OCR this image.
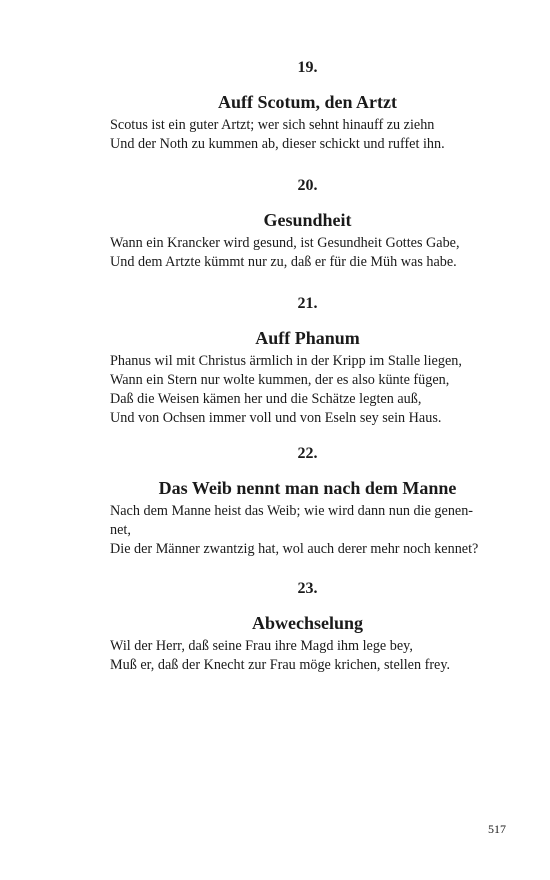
19.
Auff Scotum, den Artzt
Scotus ist ein guter Artzt; wer sich sehnt hinauff zu ziehn
Und der Noth zu kummen ab, dieser schickt und ruffet ihn.
20.
Gesundheit
Wann ein Krancker wird gesund, ist Gesundheit Gottes Gabe,
Und dem Artzte kümmt nur zu, daß er für die Müh was habe.
21.
Auff Phanum
Phanus wil mit Christus ärmlich in der Kripp im Stalle liegen,
Wann ein Stern nur wolte kummen, der es also künte fügen,
Daß die Weisen kämen her und die Schätze legten auß,
Und von Ochsen immer voll und von Eseln sey sein Haus.
22.
Das Weib nennt man nach dem Manne
Nach dem Manne heist das Weib; wie wird dann nun die genen-
net,
Die der Männer zwantzig hat, wol auch derer mehr noch kennet?
23.
Abwechselung
Wil der Herr, daß seine Frau ihre Magd ihm lege bey,
Muß er, daß der Knecht zur Frau möge krichen, stellen frey.
517
